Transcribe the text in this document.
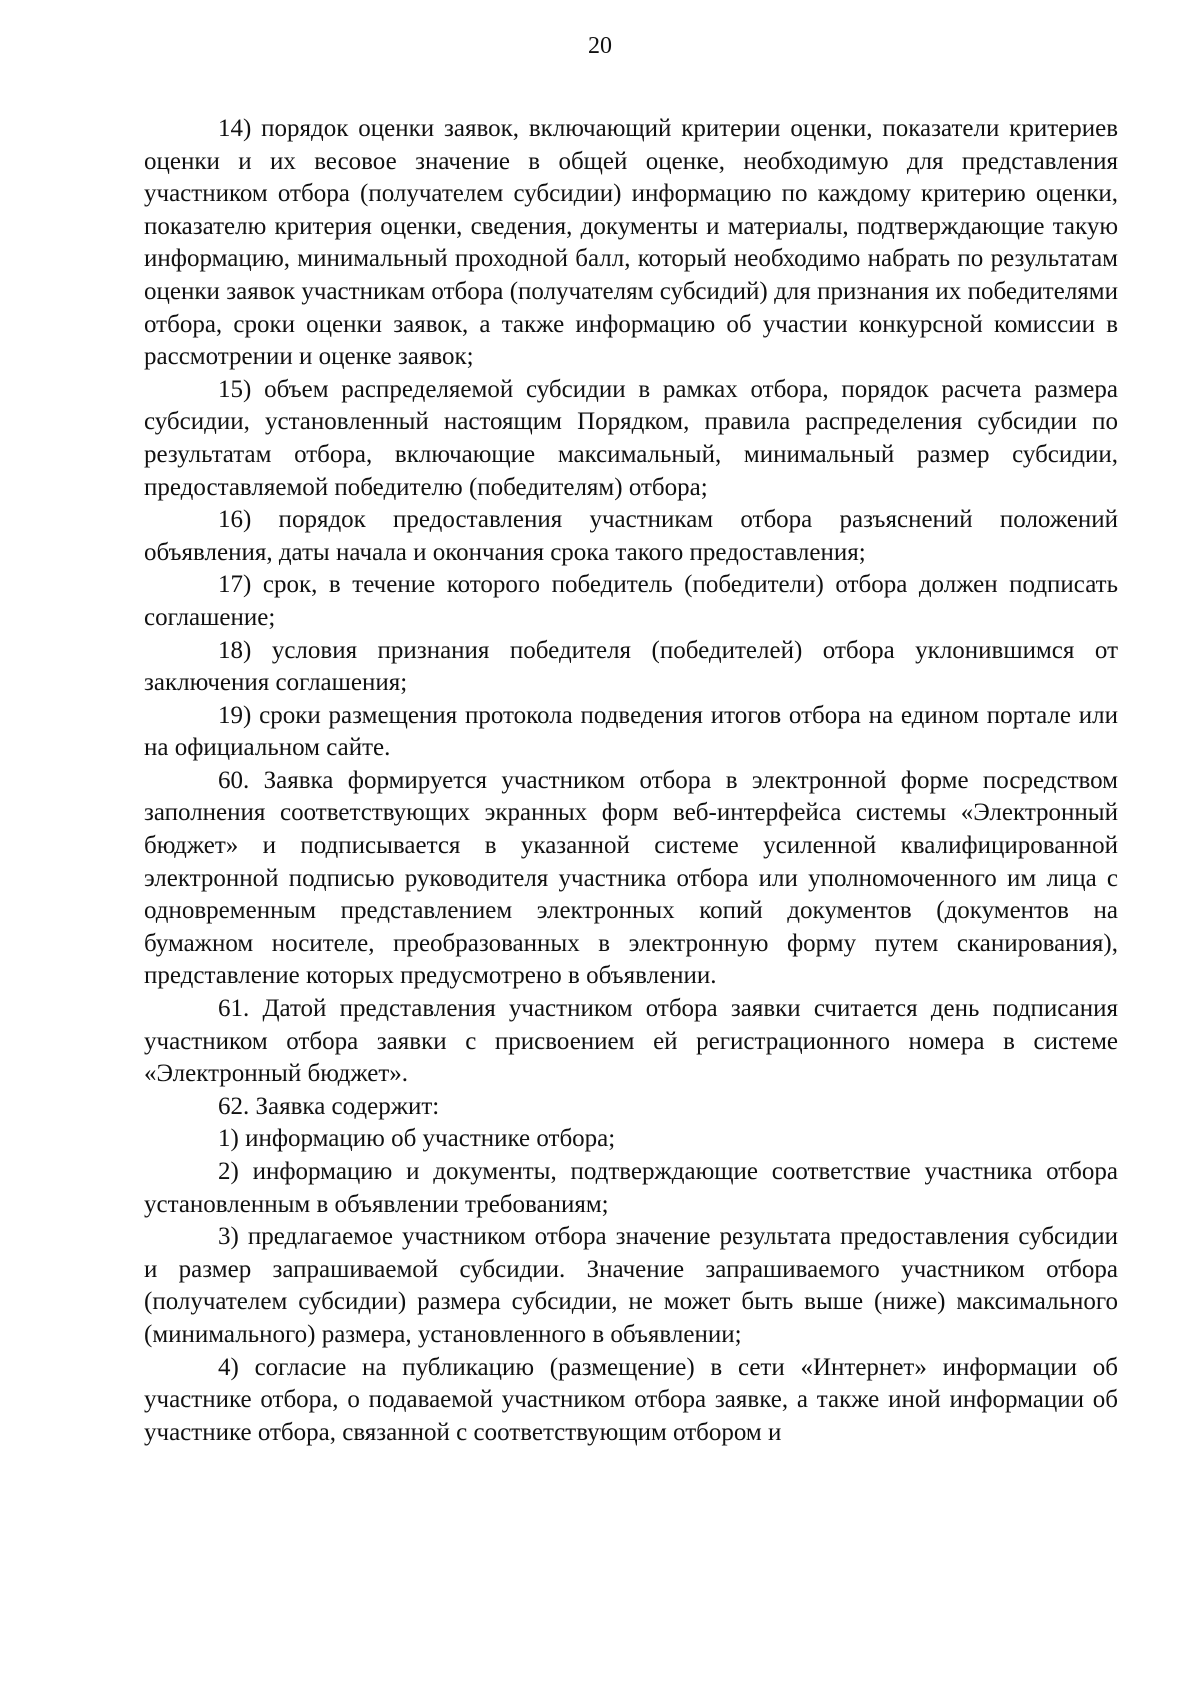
20

14) порядок оценки заявок, включающий критерии оценки, показатели критериев оценки и их весовое значение в общей оценке, необходимую для представления участником отбора (получателем субсидии) информацию по каждому критерию оценки, показателю критерия оценки, сведения, документы и материалы, подтверждающие такую информацию, минимальный проходной балл, который необходимо набрать по результатам оценки заявок участникам отбора (получателям субсидий) для признания их победителями отбора, сроки оценки заявок, а также информацию об участии конкурсной комиссии в рассмотрении и оценке заявок;

15) объем распределяемой субсидии в рамках отбора, порядок расчета размера субсидии, установленный настоящим Порядком, правила распределения субсидии по результатам отбора, включающие максимальный, минимальный размер субсидии, предоставляемой победителю (победителям) отбора;

16) порядок предоставления участникам отбора разъяснений положений объявления, даты начала и окончания срока такого предоставления;

17) срок, в течение которого победитель (победители) отбора должен подписать соглашение;

18) условия признания победителя (победителей) отбора уклонившимся от заключения соглашения;

19) сроки размещения протокола подведения итогов отбора на едином портале или на официальном сайте.

60. Заявка формируется участником отбора в электронной форме посредством заполнения соответствующих экранных форм веб-интерфейса системы «Электронный бюджет» и подписывается в указанной системе усиленной квалифицированной электронной подписью руководителя участника отбора или уполномоченного им лица с одновременным представлением электронных копий документов (документов на бумажном носителе, преобразованных в электронную форму путем сканирования), представление которых предусмотрено в объявлении.

61. Датой представления участником отбора заявки считается день подписания участником отбора заявки с присвоением ей регистрационного номера в системе «Электронный бюджет».

62. Заявка содержит:

1) информацию об участнике отбора;

2) информацию и документы, подтверждающие соответствие участника отбора установленным в объявлении требованиям;

3) предлагаемое участником отбора значение результата предоставления субсидии и размер запрашиваемой субсидии. Значение запрашиваемого участником отбора (получателем субсидии) размера субсидии, не может быть выше (ниже) максимального (минимального) размера, установленного в объявлении;

4) согласие на публикацию (размещение) в сети «Интернет» информации об участнике отбора, о подаваемой участником отбора заявке, а также иной информации об участнике отбора, связанной с соответствующим отбором и
